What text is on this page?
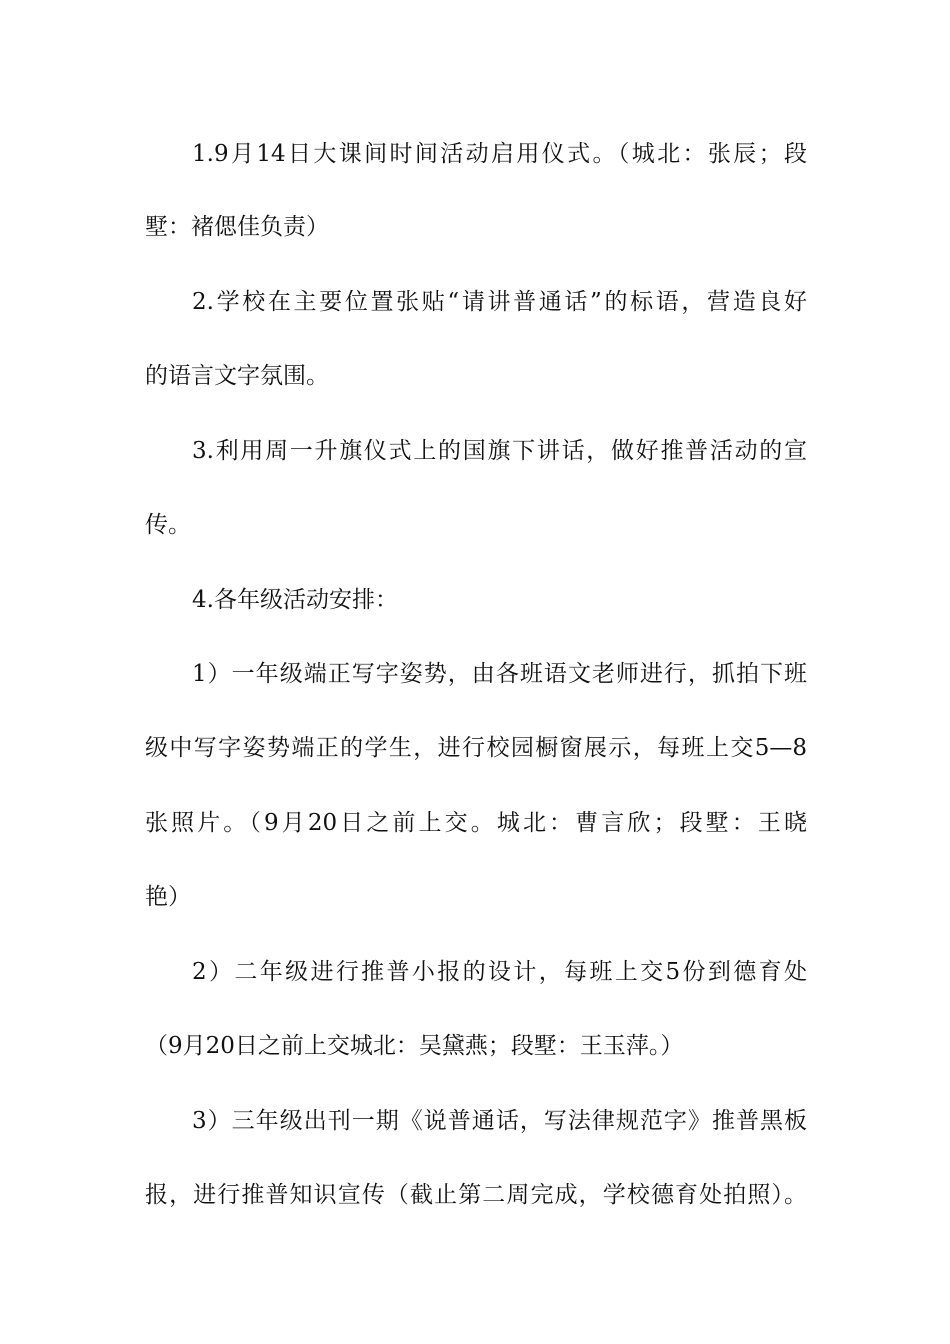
1.9月14日大课间时间活动启用仪式。（城北：张辰；段
墅：褚偲佳负责）
2.学校在主要位置张贴“请讲普通话”的标语，营造良好
的语言文字氛围。
3.利用周一升旗仪式上的国旗下讲话，做好推普活动的宣
传。
4.各年级活动安排：
1）一年级端正写字姿势，由各班语文老师进行，抓拍下班
级中写字姿势端正的学生，进行校园橱窗展示，每班上交5—8
张照片。（9月20日之前上交。城北：曹言欣；段墅：王晓
艳）
2）二年级进行推普小报的设计，每班上交5份到德育处
（9月20日之前上交城北：吴黛燕；段墅：王玉萍。）
3）三年级出刊一期《说普通话，写法律规范字》推普黑板
报，进行推普知识宣传（截止第二周完成，学校德育处拍照）。
